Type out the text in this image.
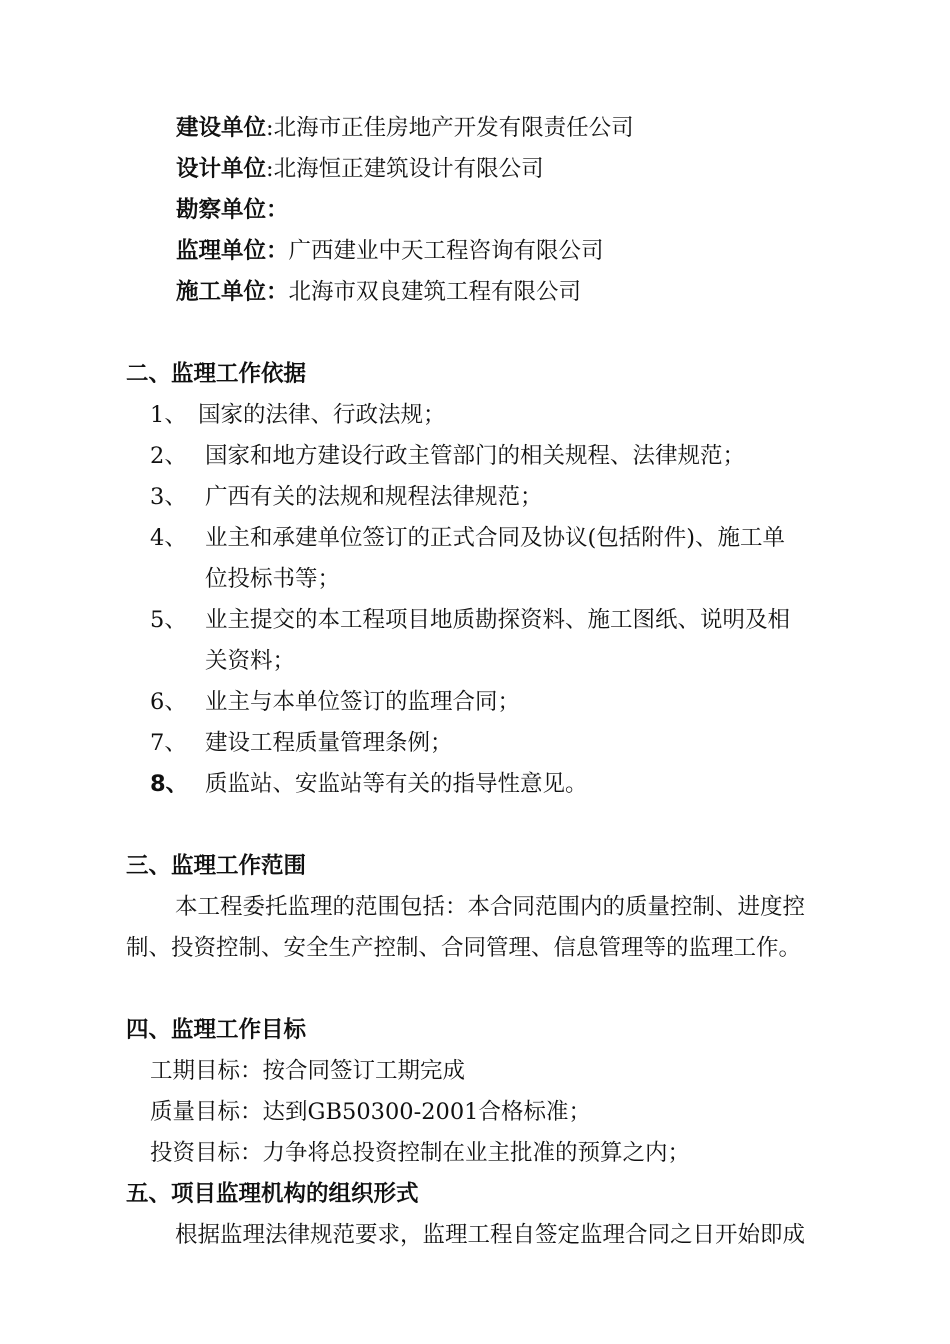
建设单位:北海市正佳房地产开发有限责任公司
设计单位:北海恒正建筑设计有限公司
勘察单位：
监理单位：广西建业中天工程咨询有限公司
施工单位：北海市双良建筑工程有限公司
二、监理工作依据
1、 国家的法律、行政法规；
2、 国家和地方建设行政主管部门的相关规程、法律规范；
3、 广西有关的法规和规程法律规范；
4、 业主和承建单位签订的正式合同及协议(包括附件)、施工单
位投标书等；
5、 业主提交的本工程项目地质勘探资料、施工图纸、说明及相
关资料；
6、 业主与本单位签订的监理合同；
7、 建设工程质量管理条例；
8、 质监站、安监站等有关的指导性意见。
三、监理工作范围
本工程委托监理的范围包括：本合同范围内的质量控制、进度控
制、投资控制、安全生产控制、合同管理、信息管理等的监理工作。
四、监理工作目标
工期目标：按合同签订工期完成
质量目标：达到GB50300-2001合格标准；
投资目标：力争将总投资控制在业主批准的预算之内；
五、项目监理机构的组织形式
根据监理法律规范要求，监理工程自签定监理合同之日开始即成
